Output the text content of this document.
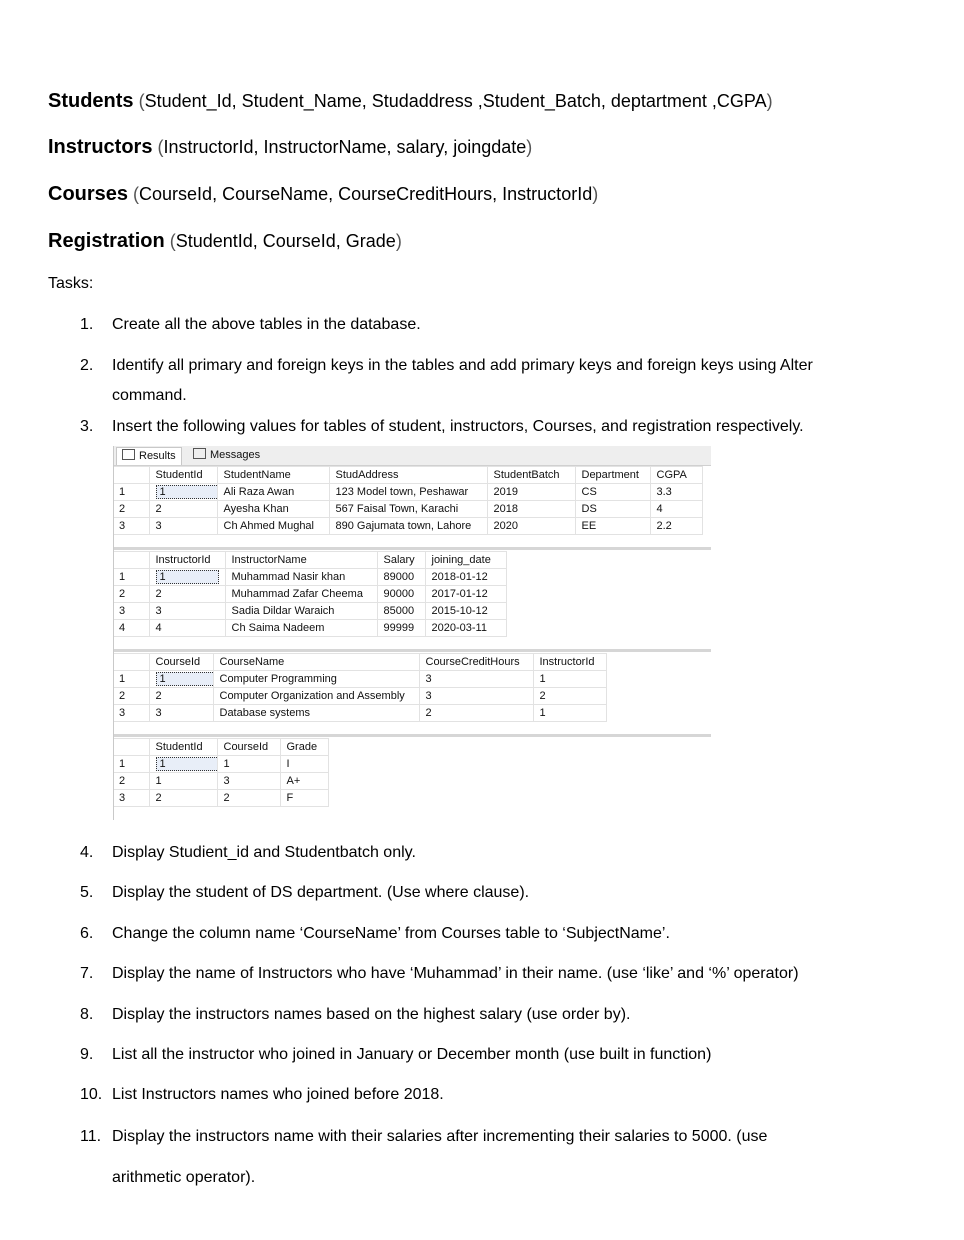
Students (Student_Id, Student_Name, Studaddress ,Student_Batch, deptartment ,CGPA)
Instructors (InstructorId, InstructorName, salary, joingdate)
Courses (CourseId, CourseName, CourseCreditHours, InstructorId)
Registration (StudentId, CourseId, Grade)
Tasks:
1.	Create all the above tables in the database.
2.	Identify all primary and foreign keys in the tables and add primary keys and foreign keys using Alter
command.
3.	Insert the following values for tables of student, instructors, Courses, and registration respectively.
Results	Messages
	StudentId	StudentName	StudAddress	StudentBatch	Department	CGPA
1	1	Ali Raza Awan	123 Model town, Peshawar	2019	CS	3.3
2	2	Ayesha Khan	567 Faisal Town, Karachi	2018	DS	4
3	3	Ch Ahmed Mughal	890 Gajumata town, Lahore	2020	EE	2.2
	InstructorId	InstructorName	Salary	joining_date
1	1	Muhammad Nasir khan	89000	2018-01-12
2	2	Muhammad Zafar Cheema	90000	2017-01-12
3	3	Sadia Dildar Waraich	85000	2015-10-12
4	4	Ch Saima Nadeem	99999	2020-03-11
	CourseId	CourseName	CourseCreditHours	InstructorId
1	1	Computer Programming	3	1
2	2	Computer Organization and Assembly	3	2
3	3	Database systems	2	1
	StudentId	CourseId	Grade
1	1	1	I
2	1	3	A+
3	2	2	F
4.	Display Studient_id and Studentbatch only.
5.	Display the student of DS department. (Use where clause).
6.	Change the column name ‘CourseName’ from Courses table to ‘SubjectName’.
7.	Display the name of Instructors who have ‘Muhammad’ in their name. (use ‘like’ and ‘%’ operator)
8.	Display the instructors names based on the highest salary (use order by).
9.	List all the instructor who joined in January or December month (use built in function)
10. List Instructors names who joined before 2018.
11. Display the instructors name with their salaries after incrementing their salaries to 5000. (use
arithmetic operator).
